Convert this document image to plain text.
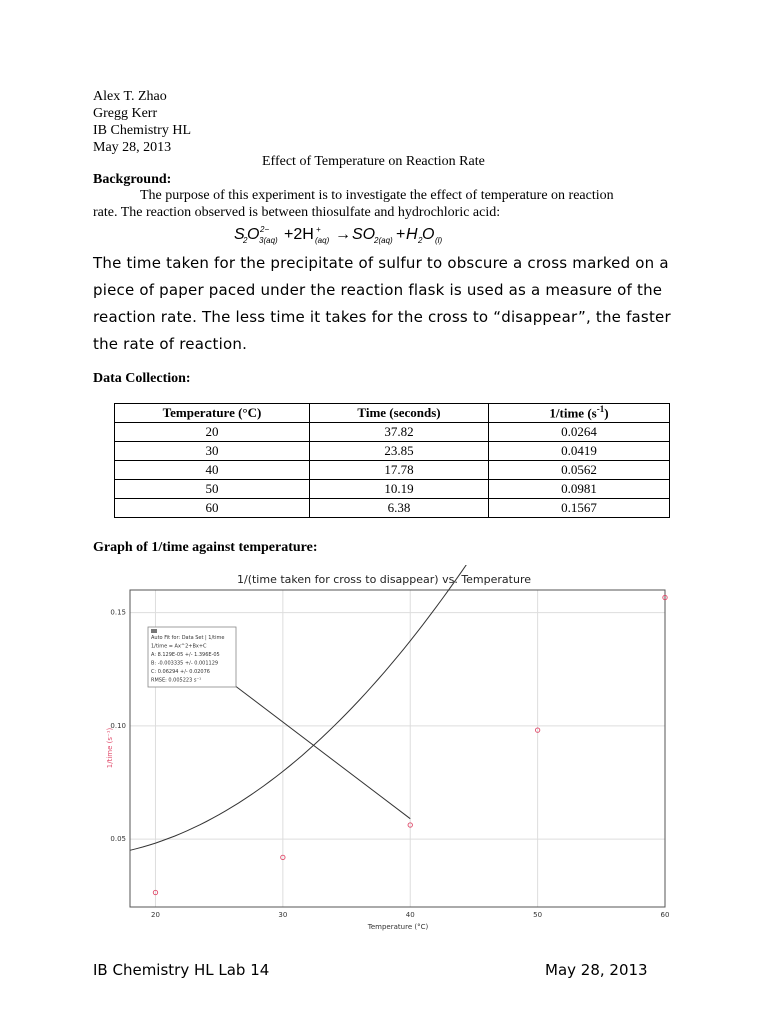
Alex T. Zhao

Gregg Kerr

IB Chemistry HL

May 28, 2013

Effect of Temperature on Reaction Rate
Background:
The purpose of this experiment is to investigate the effect of temperature on reaction
rate. The reaction observed is between thiosulfate and hydrochloric acid:
S
2 O 2−
3(aq) +2H +
(aq) → SO
2(aq) + H 2 O (l)
The time taken for the precipitate of sulfur to obscure a cross marked on a piece of paper paced under the reaction flask is used as a measure of the reaction rate. The less time it takes for the cross to “disappear”, the faster the rate of reaction.
Data Collection:
Temperature (°C)	Time (seconds)	1/time $(s^{-1})$
20	37.82	0.0264
30	23.85	0.0419
40	17.78	0.0562
50	10.19	0.0981
60	6.38	0.1567
Graph of 1/time against temperature:
1/(time taken for cross to disappear) vs. Temperature
20	30	40	50	60
0.05
0.10
0.15
Auto Fit for: Data Set | 1/time
1/time = Ax^2+Bx+C
A: 8.129E-05 +/- 1.396E-05
B: -0.003335 +/- 0.001129
C: 0.06294 +/- 0.02076
RMSE: 0.005223 s⁻¹
Temperature (°C)
1/time (s⁻¹)
IB Chemistry HL Lab 14	May 28, 2013
